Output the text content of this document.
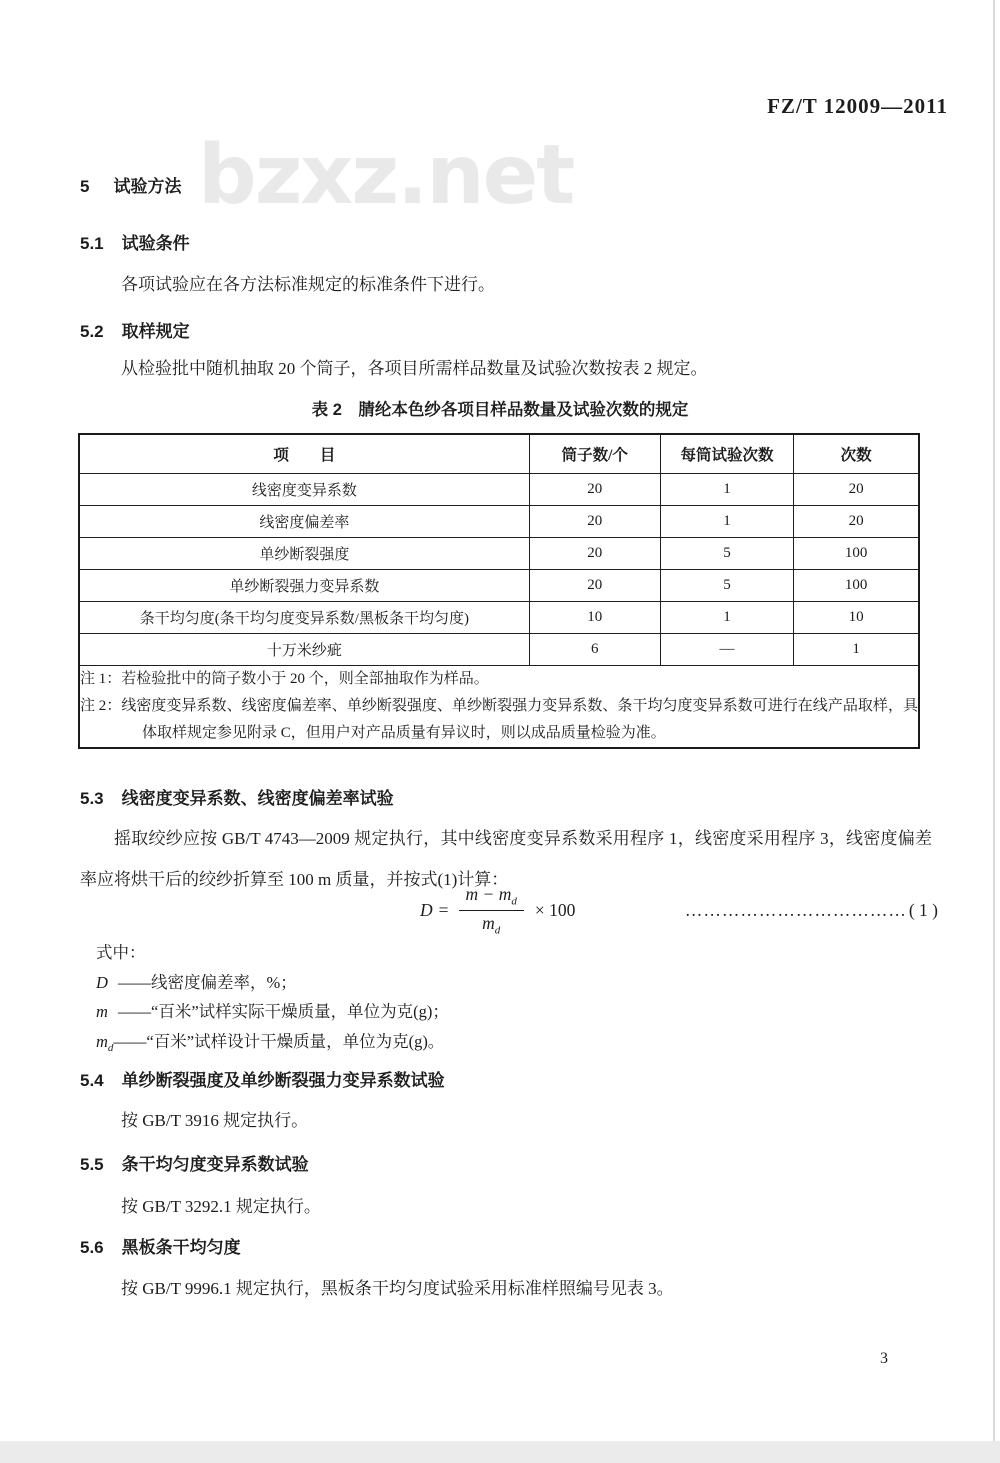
bzxz.net
FZ/T 12009—2011
5 试验方法
5.1 试验条件
各项试验应在各方法标准规定的标准条件下进行。
5.2 取样规定
从检验批中随机抽取 20 个筒子，各项目所需样品数量及试验次数按表 2 规定。
表 2　腈纶本色纱各项目样品数量及试验次数的规定
项　　目	筒子数/个	每筒试验次数	次数
线密度变异系数	20	1	20
线密度偏差率	20	1	20
单纱断裂强度	20	5	100
单纱断裂强力变异系数	20	5	100
条干均匀度(条干均匀度变异系数/黑板条干均匀度)	10	1	10
十万米纱疵	6	—	1

注 1：若检验批中的筒子数小于 20 个，则全部抽取作为样品。
注 2：线密度变异系数、线密度偏差率、单纱断裂强度、单纱断裂强力变异系数、条干均匀度变异系数可进行在线产品取样，具体取样规定参见附录 C，但用户对产品质量有异议时，则以成品质量检验为准。			
5.3 线密度变异系数、线密度偏差率试验
摇取绞纱应按 GB/T 4743—2009 规定执行，其中线密度变异系数采用程序 1，线密度采用程序 3，线密度偏差率应将烘干后的绞纱折算至 100 m 质量，并按式(1)计算：
$D = \frac{m - m_d}{m_d} \times 100$	……………………………… ( 1 )
式中：
D ——线密度偏差率，%；
m ——“百米”试样实际干燥质量，单位为克(g)；
$m_d——“$百米”试样设计干燥质量，单位为克(g)。
5.4 单纱断裂强度及单纱断裂强力变异系数试验
按 GB/T 3916 规定执行。
5.5 条干均匀度变异系数试验
按 GB/T 3292.1 规定执行。
5.6 黑板条干均匀度
按 GB/T 9996.1 规定执行，黑板条干均匀度试验采用标准样照编号见表 3。
3
